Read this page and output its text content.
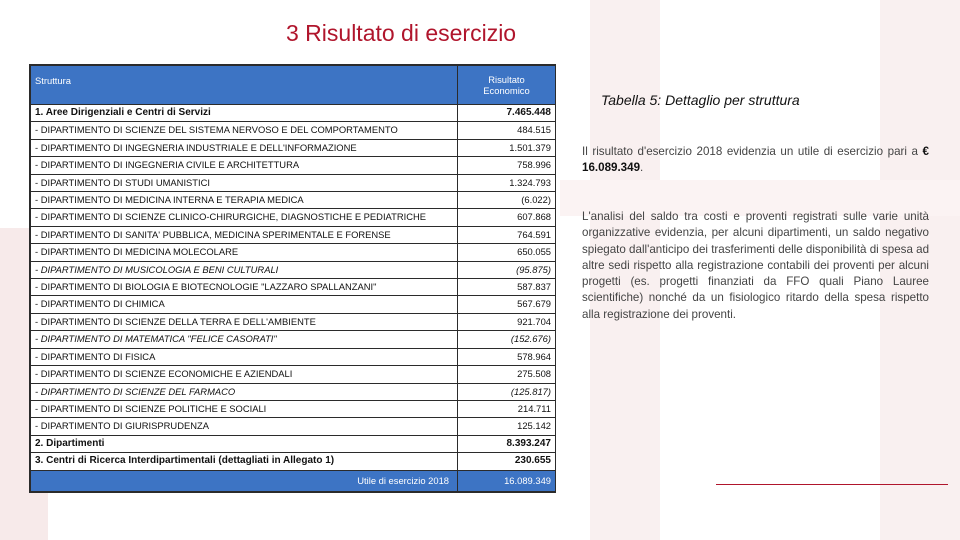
3 Risultato di esercizio
Struttura	Risultato
Economico
1. Aree Dirigenziali e Centri di Servizi	7.465.448
- DIPARTIMENTO DI SCIENZE DEL SISTEMA NERVOSO E DEL COMPORTAMENTO	484.515
- DIPARTIMENTO DI INGEGNERIA INDUSTRIALE E DELL'INFORMAZIONE	1.501.379
- DIPARTIMENTO DI INGEGNERIA CIVILE E ARCHITETTURA	758.996
- DIPARTIMENTO DI STUDI UMANISTICI	1.324.793
- DIPARTIMENTO DI MEDICINA INTERNA E TERAPIA MEDICA	(6.022)
- DIPARTIMENTO DI SCIENZE CLINICO-CHIRURGICHE, DIAGNOSTICHE E PEDIATRICHE	607.868
- DIPARTIMENTO DI SANITA' PUBBLICA, MEDICINA SPERIMENTALE E FORENSE	764.591
- DIPARTIMENTO DI MEDICINA MOLECOLARE	650.055
- DIPARTIMENTO DI MUSICOLOGIA E BENI CULTURALI	(95.875)
- DIPARTIMENTO DI BIOLOGIA E BIOTECNOLOGIE "LAZZARO SPALLANZANI"	587.837
- DIPARTIMENTO DI CHIMICA	567.679
- DIPARTIMENTO DI SCIENZE DELLA TERRA E DELL'AMBIENTE	921.704
- DIPARTIMENTO DI MATEMATICA "FELICE CASORATI"	(152.676)
- DIPARTIMENTO DI FISICA	578.964
- DIPARTIMENTO DI SCIENZE ECONOMICHE E AZIENDALI	275.508
- DIPARTIMENTO DI SCIENZE DEL FARMACO	(125.817)
- DIPARTIMENTO DI SCIENZE POLITICHE E SOCIALI	214.711
- DIPARTIMENTO DI GIURISPRUDENZA	125.142
2. Dipartimenti	8.393.247
3. Centri di Ricerca Interdipartimentali (dettagliati in Allegato 1)	230.655
Utile di esercizio 2018	16.089.349
Tabella 5: Dettaglio per struttura
Il risultato d'esercizio 2018 evidenzia un utile di esercizio pari a € 16.089.349.
L'analisi del saldo tra costi e proventi registrati sulle varie unità organizzative evidenzia, per alcuni dipartimenti, un saldo negativo spiegato dall'anticipo dei trasferimenti delle disponibilità di spesa ad altre sedi rispetto alla registrazione contabili dei proventi per alcuni progetti (es. progetti finanziati da FFO quali Piano Lauree scientifiche) nonché da un fisiologico ritardo della spesa rispetto alla registrazione dei proventi.
